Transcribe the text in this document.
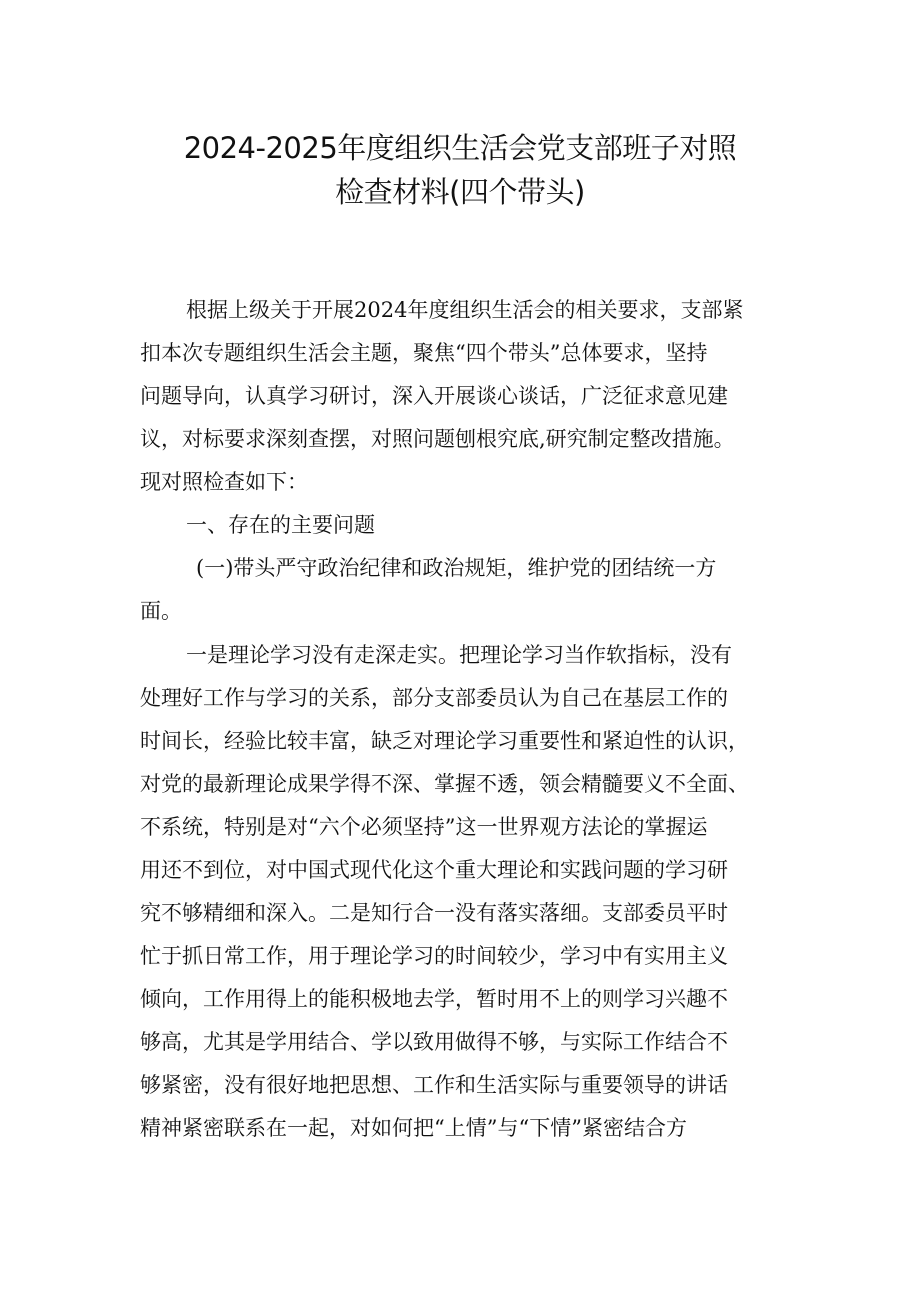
2024-2025年度组织生活会党支部班子对照
检查材料(四个带头)
根据上级关于开展2024年度组织生活会的相关要求，支部紧
扣本次专题组织生活会主题，聚焦“四个带头”总体要求，坚持
问题导向，认真学习研讨，深入开展谈心谈话，广泛征求意见建
议，对标要求深刻查摆，对照问题刨根究底,研究制定整改措施。
现对照检查如下：
一、存在的主要问题
(一)带头严守政治纪律和政治规矩，维护党的团结统一方
面。
一是理论学习没有走深走实。把理论学习当作软指标，没有
处理好工作与学习的关系，部分支部委员认为自己在基层工作的
时间长，经验比较丰富，缺乏对理论学习重要性和紧迫性的认识，
对党的最新理论成果学得不深、掌握不透，领会精髓要义不全面、
不系统，特别是对“六个必须坚持”这一世界观方法论的掌握运
用还不到位，对中国式现代化这个重大理论和实践问题的学习研
究不够精细和深入。二是知行合一没有落实落细。支部委员平时
忙于抓日常工作，用于理论学习的时间较少，学习中有实用主义
倾向，工作用得上的能积极地去学，暂时用不上的则学习兴趣不
够高，尤其是学用结合、学以致用做得不够，与实际工作结合不
够紧密，没有很好地把思想、工作和生活实际与重要领导的讲话
精神紧密联系在一起，对如何把“上情”与“下情”紧密结合方
